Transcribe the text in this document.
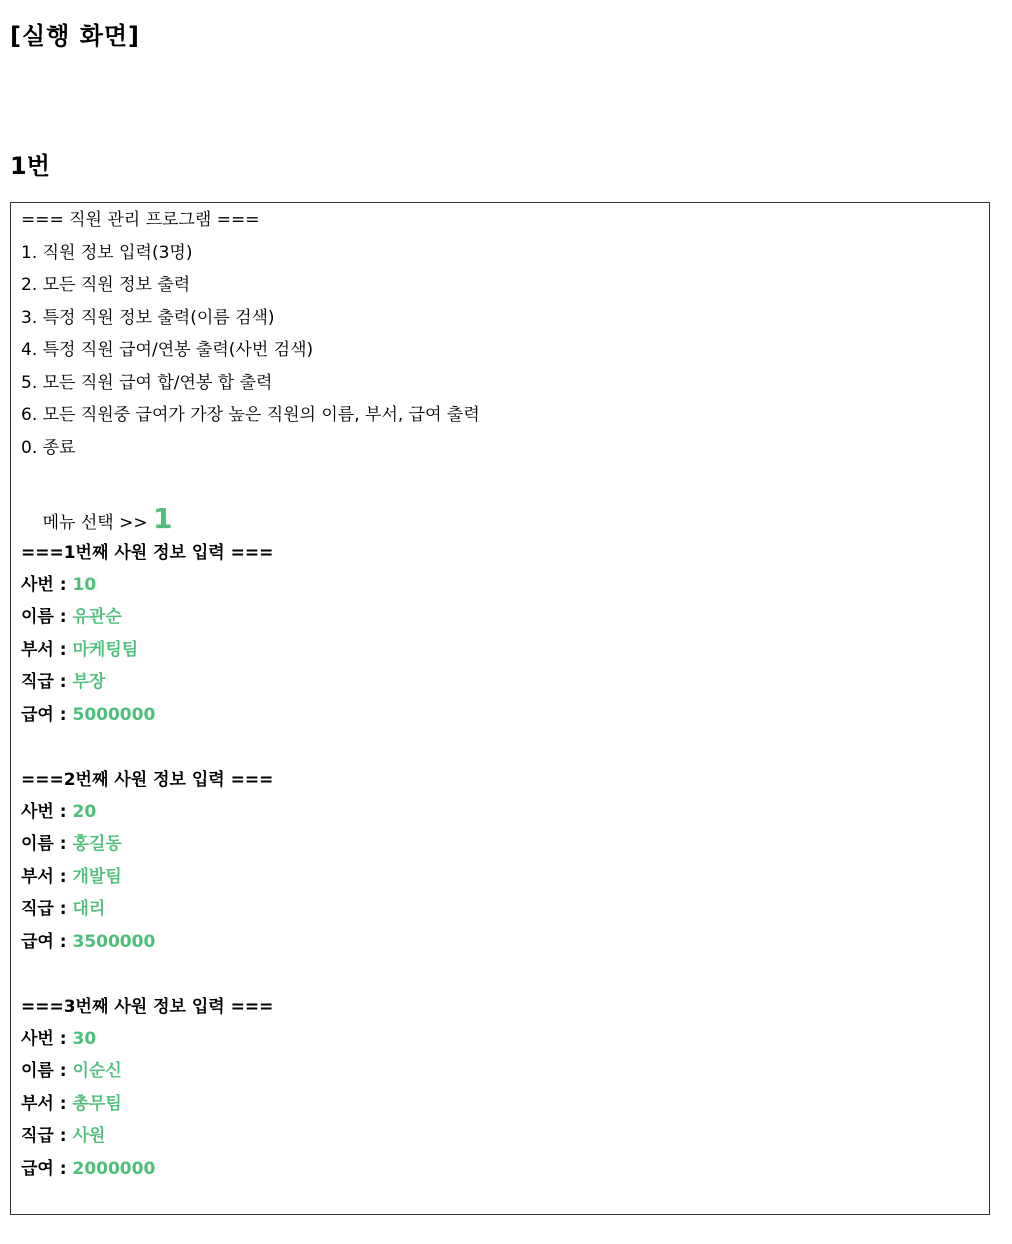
[실행 화면]
1번
=== 직원 관리 프로그램 ===
1. 직원 정보 입력(3명)
2. 모든 직원 정보 출력
3. 특정 직원 정보 출력(이름 검색)
4. 특정 직원 급여/연봉 출력(사번 검색)
5. 모든 직원 급여 합/연봉 합 출력
6. 모든 직원중 급여가 가장 높은 직원의 이름, 부서, 급여 출력
0. 종료

메뉴 선택 >> 1

===1번째 사원 정보 입력 ===
사번 : 10
이름 : 유관순
부서 : 마케팅팀
직급 : 부장
급여 : 5000000
===2번째 사원 정보 입력 ===
사번 : 20
이름 : 홍길동
부서 : 개발팀
직급 : 대리
급여 : 3500000
===3번째 사원 정보 입력 ===
사번 : 30
이름 : 이순신
부서 : 총무팀
직급 : 사원
급여 : 2000000
